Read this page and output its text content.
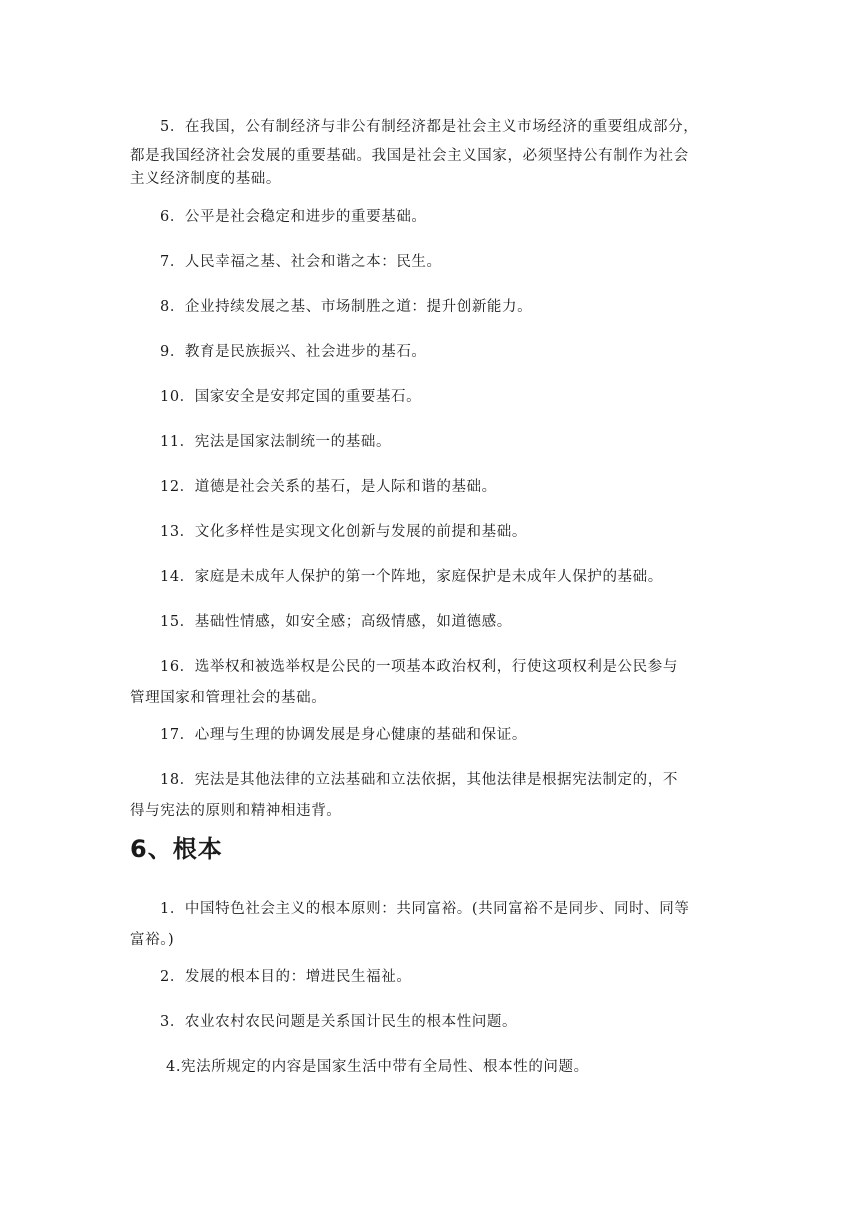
5．在我国，公有制经济与非公有制经济都是社会主义市场经济的重要组成部分，
都是我国经济社会发展的重要基础。我国是社会主义国家，必须坚持公有制作为社会
主义经济制度的基础。
6．公平是社会稳定和进步的重要基础。
7．人民幸福之基、社会和谐之本：民生。
8．企业持续发展之基、市场制胜之道：提升创新能力。
9．教育是民族振兴、社会进步的基石。
10．国家安全是安邦定国的重要基石。
11．宪法是国家法制统一的基础。
12．道德是社会关系的基石，是人际和谐的基础。
13．文化多样性是实现文化创新与发展的前提和基础。
14．家庭是未成年人保护的第一个阵地，家庭保护是未成年人保护的基础。
15．基础性情感，如安全感；高级情感，如道德感。
16．选举权和被选举权是公民的一项基本政治权利，行使这项权利是公民参与
管理国家和管理社会的基础。
17．心理与生理的协调发展是身心健康的基础和保证。
18．宪法是其他法律的立法基础和立法依据，其他法律是根据宪法制定的，不
得与宪法的原则和精神相违背。
6、根本
1．中国特色社会主义的根本原则：共同富裕。(共同富裕不是同步、同时、同等
富裕。)
2．发展的根本目的：增进民生福祉。
3．农业农村农民问题是关系国计民生的根本性问题。
4.宪法所规定的内容是国家生活中带有全局性、根本性的问题。
